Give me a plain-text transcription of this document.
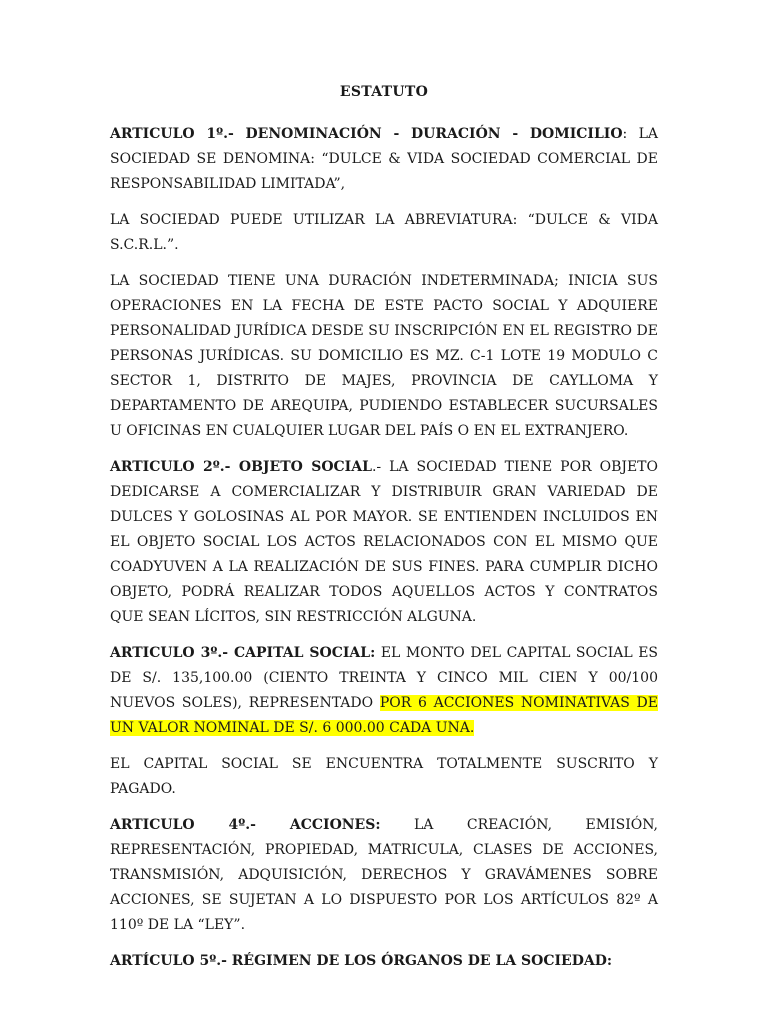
ESTATUTO

ARTICULO 1º.- DENOMINACIÓN - DURACIÓN - DOMICILIO: LA SOCIEDAD SE DENOMINA: “DULCE & VIDA SOCIEDAD COMERCIAL DE RESPONSABILIDAD LIMITADA”,

LA SOCIEDAD PUEDE UTILIZAR LA ABREVIATURA: “DULCE & VIDA S.C.R.L.”.

LA SOCIEDAD TIENE UNA DURACIÓN INDETERMINADA; INICIA SUS OPERACIONES EN LA FECHA DE ESTE PACTO SOCIAL Y ADQUIERE PERSONALIDAD JURÍDICA DESDE SU INSCRIPCIÓN EN EL REGISTRO DE PERSONAS JURÍDICAS. SU DOMICILIO ES MZ. C-1 LOTE 19 MODULO C SECTOR 1, DISTRITO DE MAJES, PROVINCIA DE CAYLLOMA Y DEPARTAMENTO DE AREQUIPA, PUDIENDO ESTABLECER SUCURSALES U OFICINAS EN CUALQUIER LUGAR DEL PAÍS O EN EL EXTRANJERO.

ARTICULO 2º.- OBJETO SOCIAL.- LA SOCIEDAD TIENE POR OBJETO DEDICARSE A COMERCIALIZAR Y DISTRIBUIR GRAN VARIEDAD DE DULCES Y GOLOSINAS AL POR MAYOR. SE ENTIENDEN INCLUIDOS EN EL OBJETO SOCIAL LOS ACTOS RELACIONADOS CON EL MISMO QUE COADYUVEN A LA REALIZACIÓN DE SUS FINES. PARA CUMPLIR DICHO OBJETO, PODRÁ REALIZAR TODOS AQUELLOS ACTOS Y CONTRATOS QUE SEAN LÍCITOS, SIN RESTRICCIÓN ALGUNA.

ARTICULO 3º.- CAPITAL SOCIAL: EL MONTO DEL CAPITAL SOCIAL ES DE S/. 135,100.00 (CIENTO TREINTA Y CINCO MIL CIEN Y 00/100 NUEVOS SOLES), REPRESENTADO POR 6 ACCIONES NOMINATIVAS DE UN VALOR NOMINAL DE S/. 6 000.00 CADA UNA.

EL CAPITAL SOCIAL SE ENCUENTRA TOTALMENTE SUSCRITO Y PAGADO.

ARTICULO 4º.- ACCIONES: LA CREACIÓN, EMISIÓN, REPRESENTACIÓN, PROPIEDAD, MATRICULA, CLASES DE ACCIONES, TRANSMISIÓN, ADQUISICIÓN, DERECHOS Y GRAVÁMENES SOBRE ACCIONES, SE SUJETAN A LO DISPUESTO POR LOS ARTÍCULOS 82º A 110º DE LA “LEY”.

ARTÍCULO 5º.- RÉGIMEN DE LOS ÓRGANOS DE LA SOCIEDAD:
